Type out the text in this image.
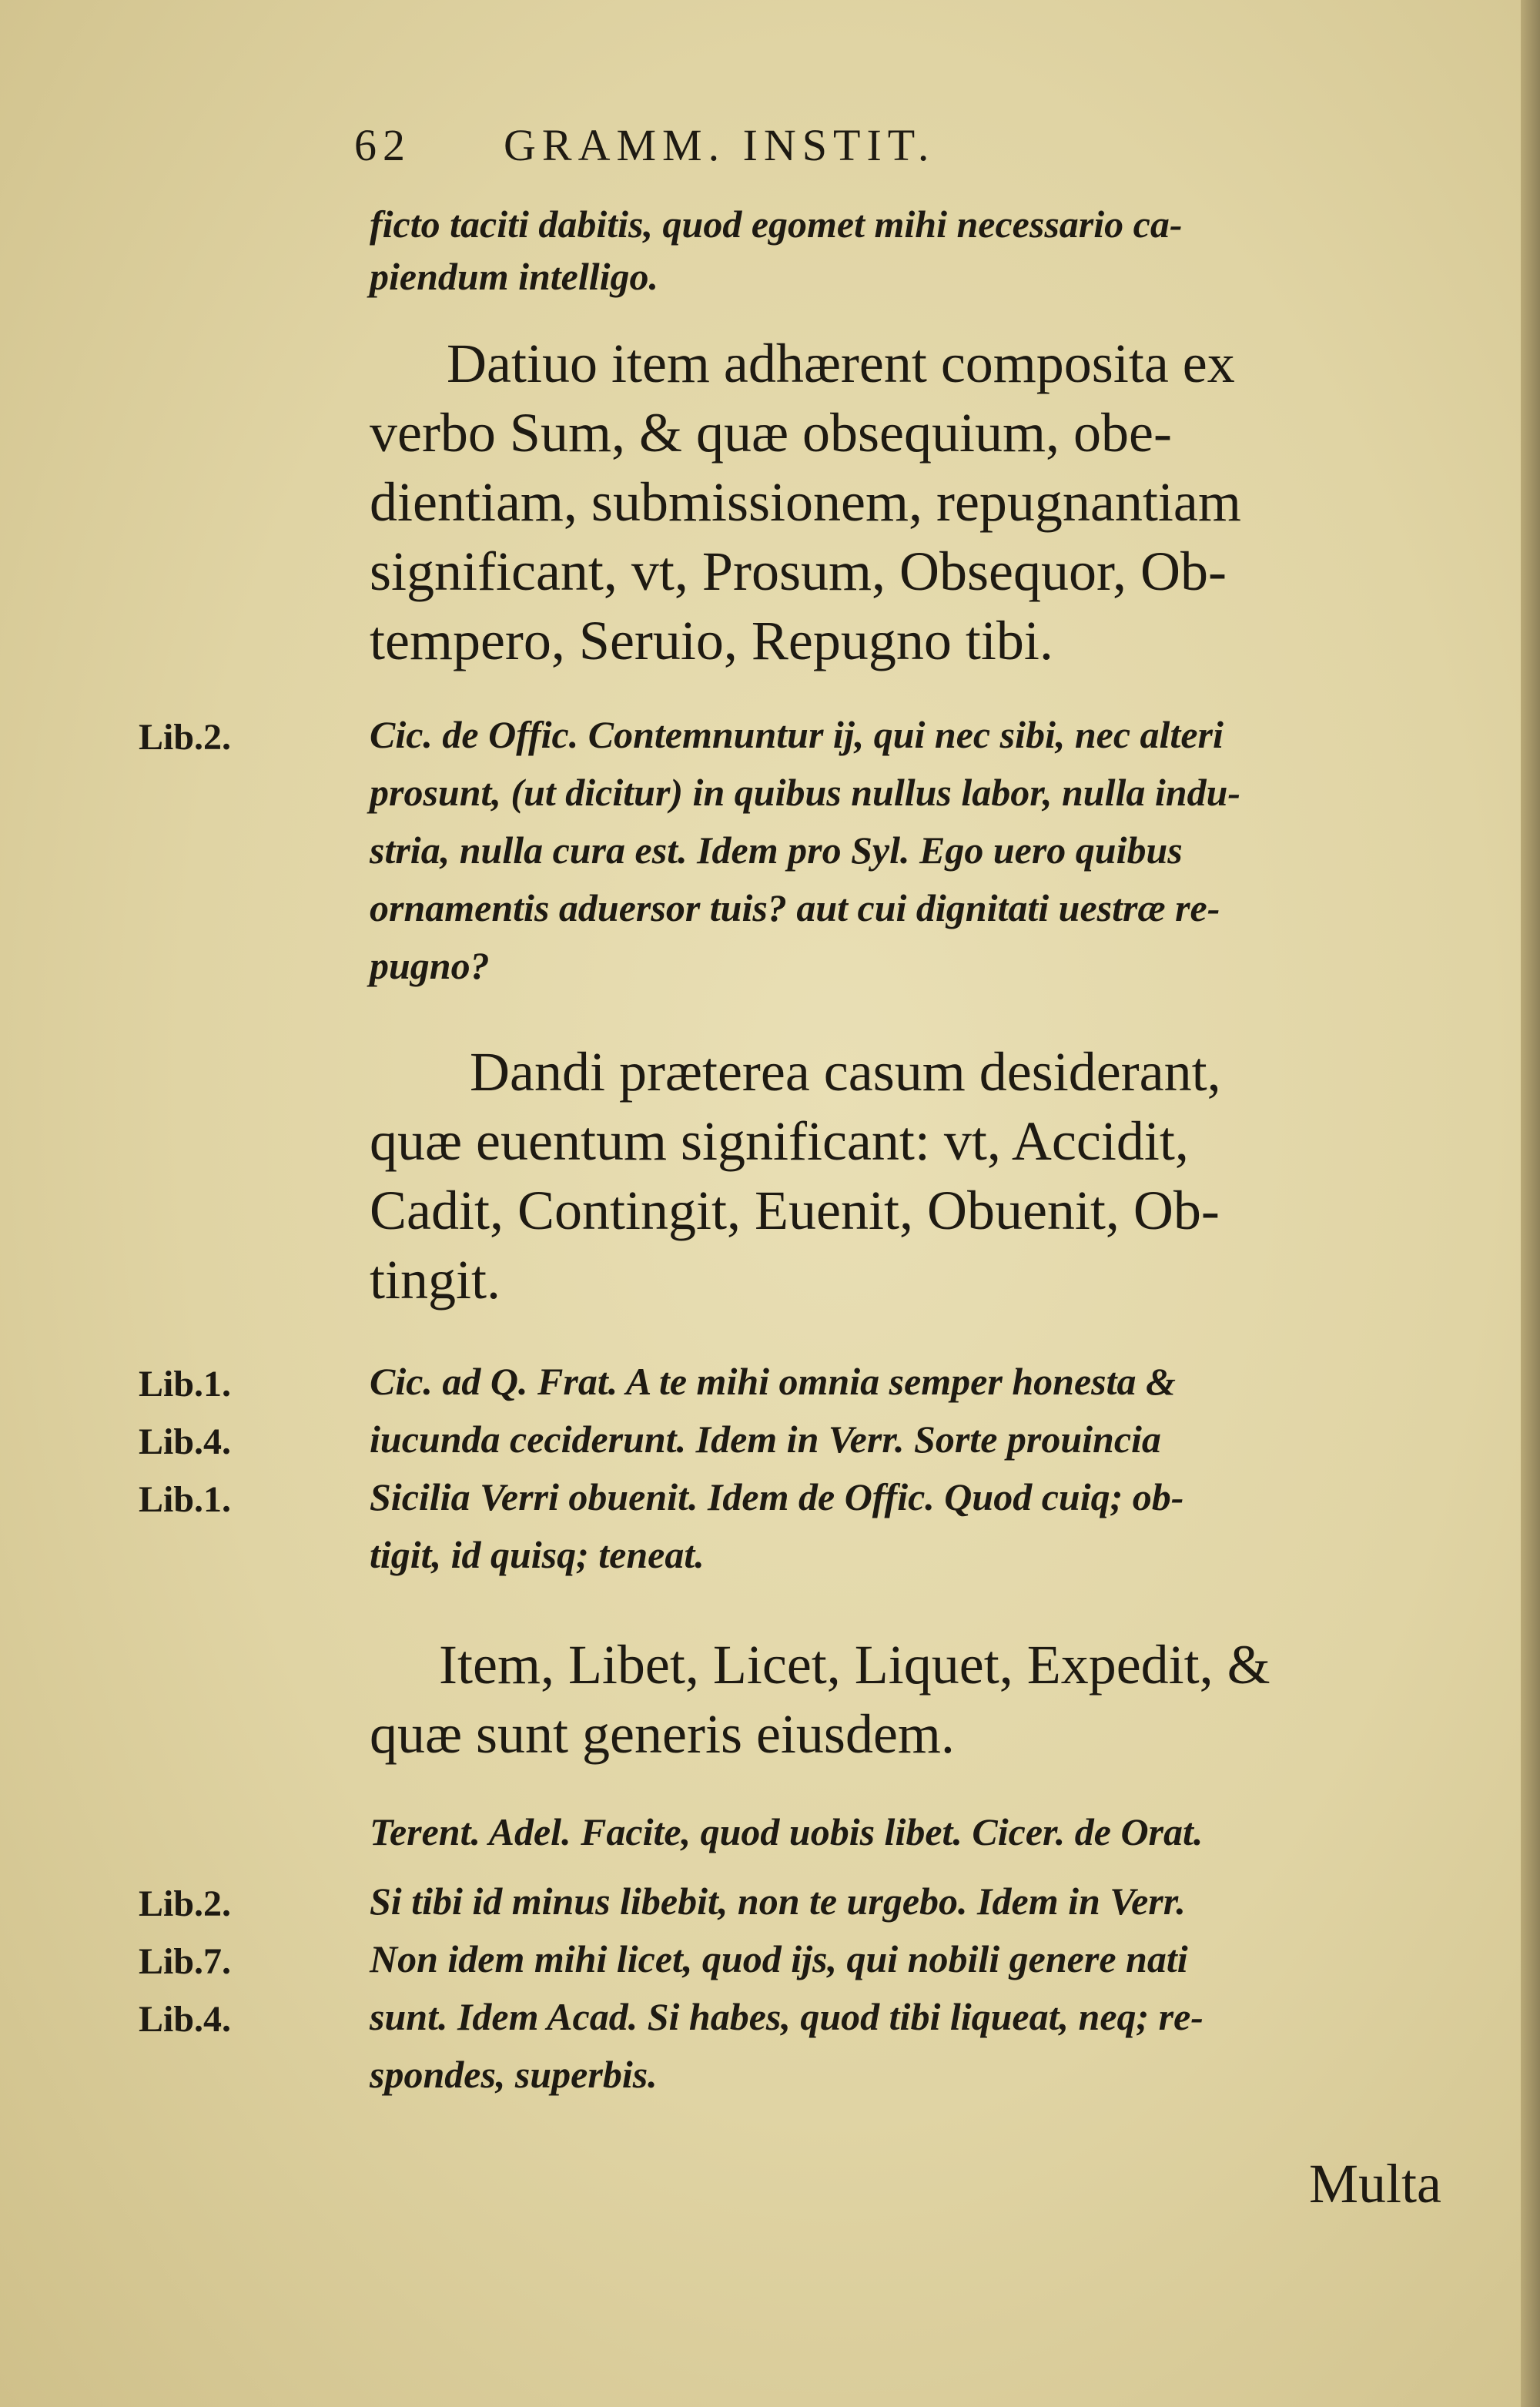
62 GRAMM. INSTIT.
ficto taciti dabitis, quod egomet mihi necessario ca-
piendum intelligo.
Datiuo item adhærent composita ex
verbo Sum, & quæ obsequium, obe-
dientiam, submissionem, repugnantiam
significant, vt, Prosum, Obsequor, Ob-
tempero, Seruio, Repugno tibi.
Lib.2.	Cic. de Offic. Contemnuntur ij, qui nec sibi, nec alteri
prosunt, (ut dicitur) in quibus nullus labor, nulla indu-
stria, nulla cura est. Idem pro Syl. Ego uero quibus
ornamentis aduersor tuis? aut cui dignitati uestræ re-
pugno?
Dandi præterea casum desiderant,
quæ euentum significant: vt, Accidit,
Cadit, Contingit, Euenit, Obuenit, Ob-
tingit.
Lib.1.
Lib.4.
Lib.1.
Cic. ad Q. Frat. A te mihi omnia semper honesta &
iucunda ceciderunt. Idem in Verr. Sorte prouincia
Sicilia Verri obuenit. Idem de Offic. Quod cuiq; ob-
tigit, id quisq; teneat.
Item, Libet, Licet, Liquet, Expedit, &
quæ sunt generis eiusdem.
Lib.2.
Lib.7.
Lib.4.
Terent. Adel. Facite, quod uobis libet. Cicer. de Orat.
Si tibi id minus libebit, non te urgebo. Idem in Verr.
Non idem mihi licet, quod ijs, qui nobili genere nati
sunt. Idem Acad. Si habes, quod tibi liqueat, neq; re-
spondes, superbis.
Multa
